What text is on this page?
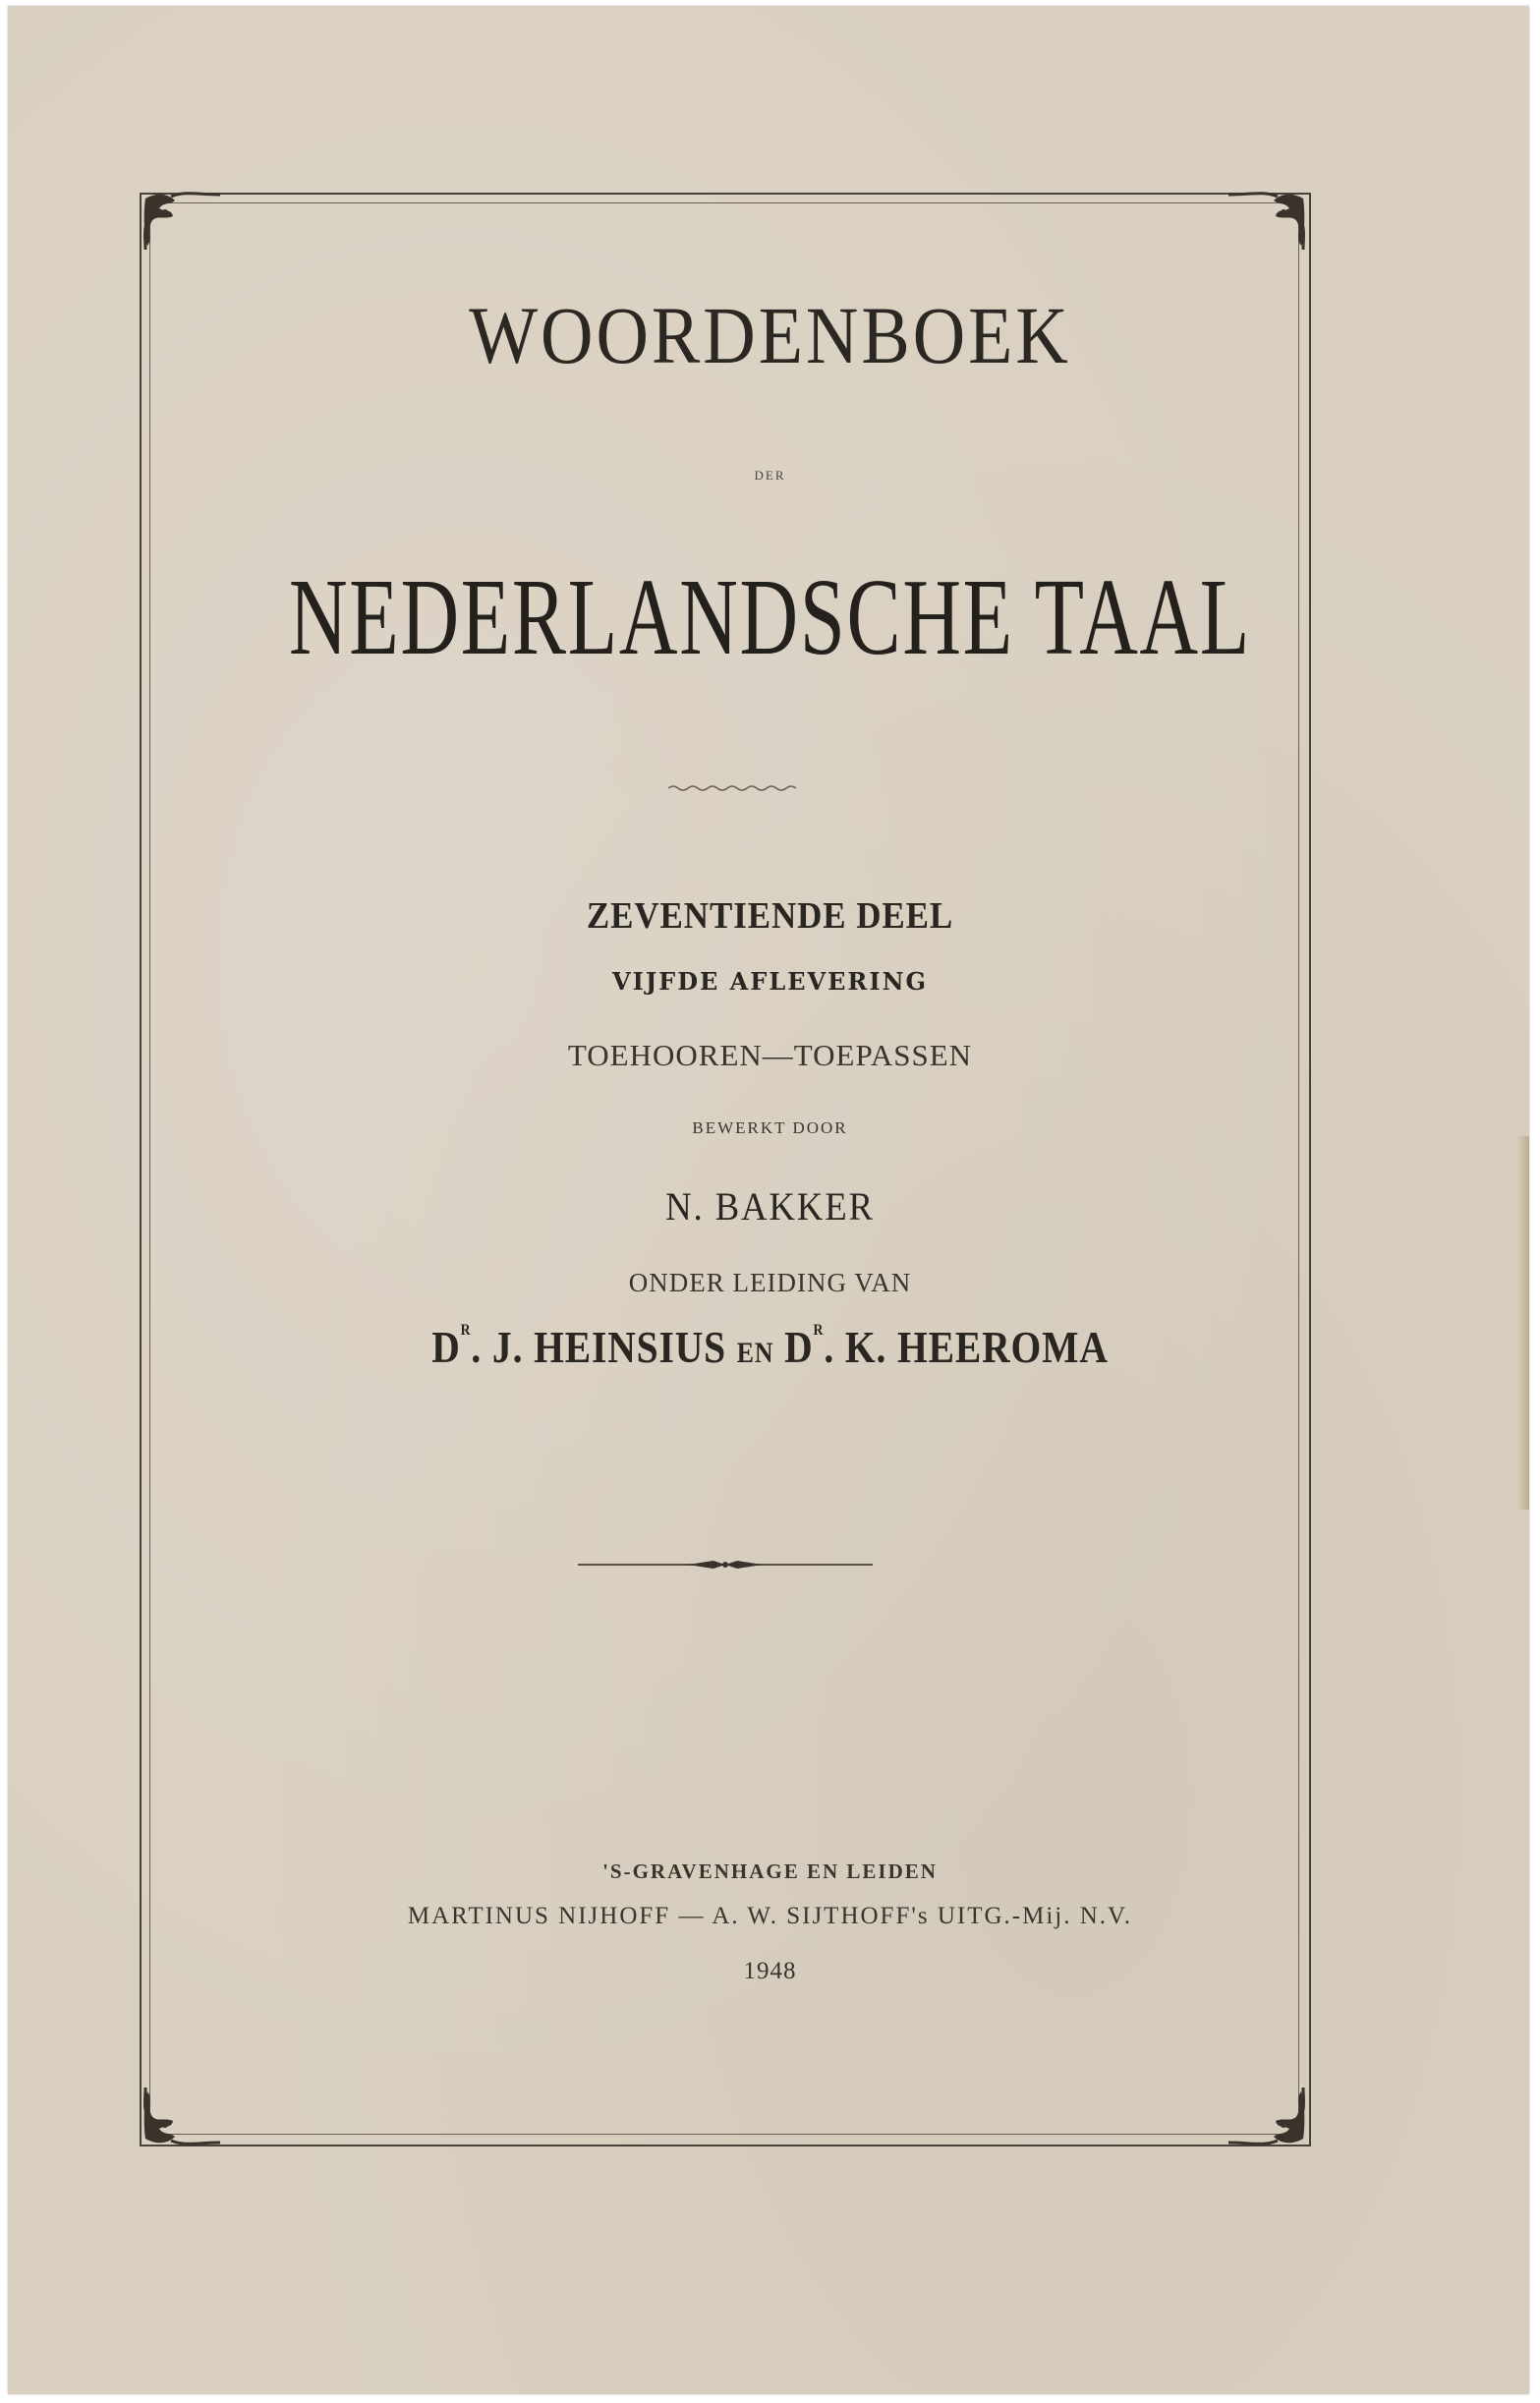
WOORDENBOEK
DER
NEDERLANDSCHE TAAL
ZEVENTIENDE DEEL
VIJFDE AFLEVERING
TOEHOOREN—TOEPASSEN
BEWERKT DOOR
N. BAKKER
ONDER LEIDING VAN
$D^R$. J. HEINSIUS EN $D^R$. K. HEEROMA
'S-GRAVENHAGE EN LEIDEN
MARTINUS NIJHOFF — A. W. SIJTHOFF's UITG.-Mij. N.V.
1948
